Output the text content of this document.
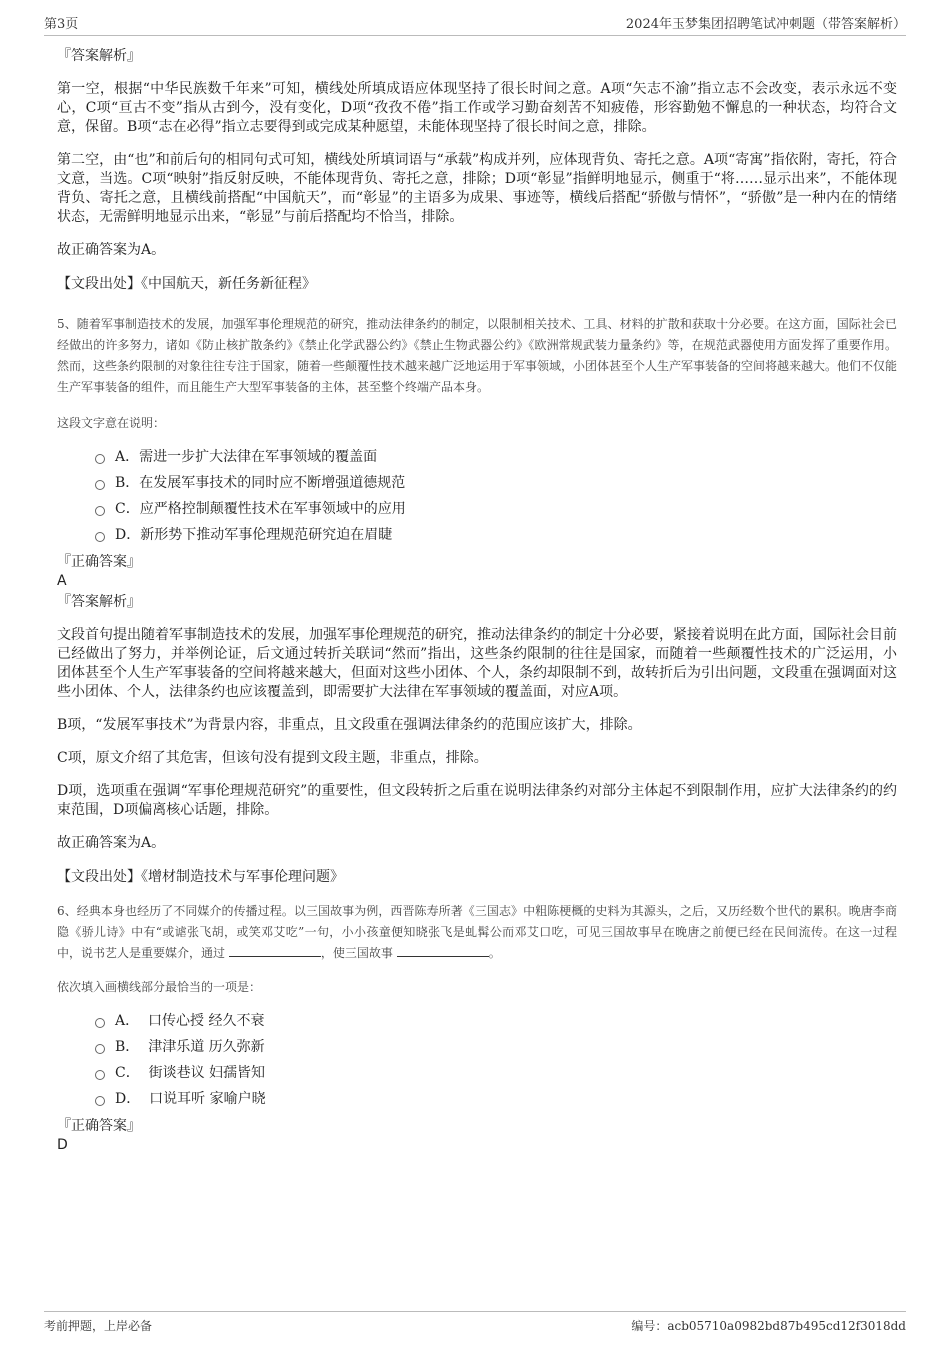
第3页	2024年玉梦集团招聘笔试冲刺题（带答案解析）
『答案解析』

第一空，根据“中华民族数千年来”可知，横线处所填成语应体现坚持了很长时间之意。A项“矢志不渝”指立志不会改变，表示永远不变心，C项“亘古不变”指从古到今，没有变化，D项“孜孜不倦”指工作或学习勤奋刻苦不知疲倦，形容勤勉不懈息的一种状态，均符合文意，保留。B项“志在必得”指立志要得到或完成某种愿望，未能体现坚持了很长时间之意，排除。

第二空，由“也”和前后句的相同句式可知，横线处所填词语与“承载”构成并列，应体现背负、寄托之意。A项“寄寓”指依附，寄托，符合文意，当选。C项“映射”指反射反映，不能体现背负、寄托之意，排除；D项“彰显”指鲜明地显示，侧重于“将……显示出来”，不能体现背负、寄托之意，且横线前搭配“中国航天”，而“彰显”的主语多为成果、事迹等，横线后搭配“骄傲与情怀”，“骄傲”是一种内在的情绪状态，无需鲜明地显示出来，“彰显”与前后搭配均不恰当，排除。

故正确答案为A。

【文段出处】《中国航天，新任务新征程》

5、随着军事制造技术的发展，加强军事伦理规范的研究，推动法律条约的制定，以限制相关技术、工具、材料的扩散和获取十分必要。在这方面，国际社会已经做出的许多努力，诸如《防止核扩散条约》《禁止化学武器公约》《禁止生物武器公约》《欧洲常规武装力量条约》等，在规范武器使用方面发挥了重要作用。然而，这些条约限制的对象往往专注于国家，随着一些颠覆性技术越来越广泛地运用于军事领域，小团体甚至个人生产军事装备的空间将越来越大。他们不仅能生产军事装备的组件，而且能生产大型军事装备的主体，甚至整个终端产品本身。

这段文字意在说明：
A．需进一步扩大法律在军事领域的覆盖面
B．在发展军事技术的同时应不断增强道德规范
C．应严格控制颠覆性技术在军事领域中的应用
D．新形势下推动军事伦理规范研究迫在眉睫
『正确答案』
A
『答案解析』

文段首句提出随着军事制造技术的发展，加强军事伦理规范的研究，推动法律条约的制定十分必要，紧接着说明在此方面，国际社会目前已经做出了努力，并举例论证，后文通过转折关联词“然而”指出，这些条约限制的往往是国家，而随着一些颠覆性技术的广泛运用，小团体甚至个人生产军事装备的空间将越来越大，但面对这些小团体、个人，条约却限制不到，故转折后为引出问题，文段重在强调面对这些小团体、个人，法律条约也应该覆盖到，即需要扩大法律在军事领域的覆盖面，对应A项。

B项，“发展军事技术”为背景内容，非重点，且文段重在强调法律条约的范围应该扩大，排除。

C项，原文介绍了其危害，但该句没有提到文段主题，非重点，排除。

D项，选项重在强调“军事伦理规范研究”的重要性，但文段转折之后重在说明法律条约对部分主体起不到限制作用，应扩大法律条约的约束范围，D项偏离核心话题，排除。

故正确答案为A。

【文段出处】《增材制造技术与军事伦理问题》

6、经典本身也经历了不同媒介的传播过程。以三国故事为例，西晋陈寿所著《三国志》中粗陈梗概的史料为其源头，之后，又历经数个世代的累积。晚唐李商隐《骄儿诗》中有“或谑张飞胡，或笑邓艾吃”一句，小小孩童便知晓张飞是虬髯公而邓艾口吃，可见三国故事早在晚唐之前便已经在民间流传。在这一过程中，说书艺人是重要媒介，通过	，使三国故事	。

依次填入画横线部分最恰当的一项是：
A．  口传心授 经久不衰
B．  津津乐道 历久弥新
C．  街谈巷议 妇孺皆知
D．  口说耳听 家喻户晓
『正确答案』
D
考前押题，上岸必备	编号：acb05710a0982bd87b495cd12f3018dd
